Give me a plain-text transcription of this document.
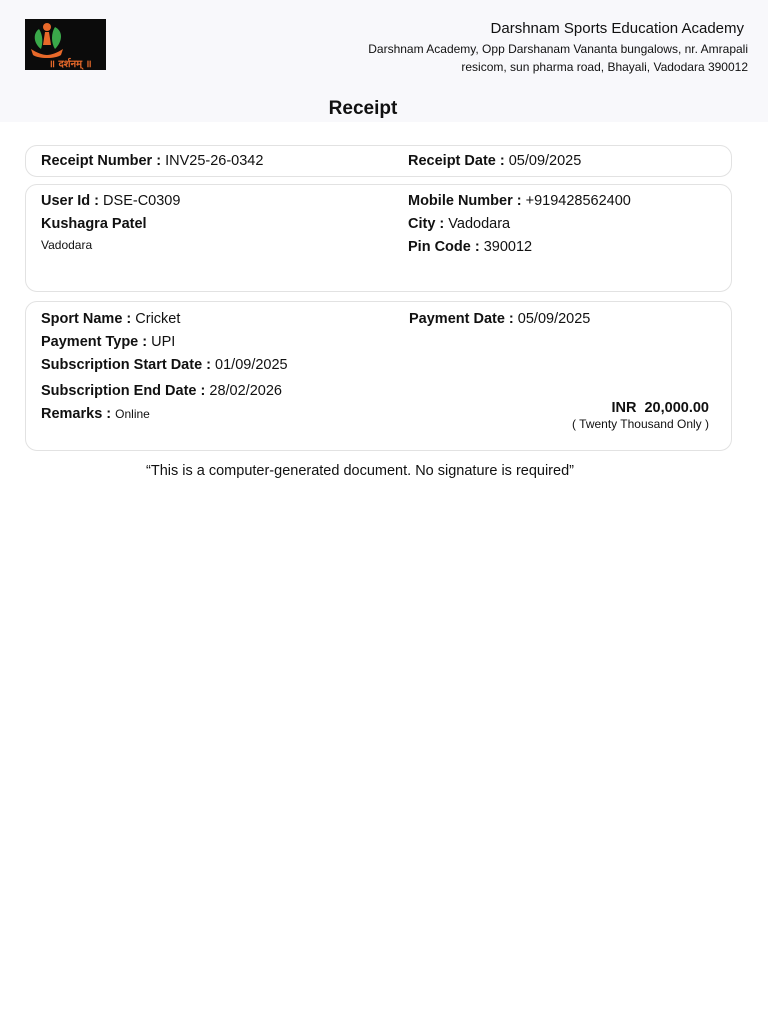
॥ दर्शनम् ॥
Darshnam Sports Education Academy
Darshnam Academy, Opp Darshanam Vananta bungalows, nr. Amrapali resicom, sun pharma road, Bhayali, Vadodara 390012
Receipt
Receipt Number : INV25-26-0342	Receipt Date : 05/09/2025
User Id : DSE-C0309
Kushagra Patel
Vadodara
Mobile Number : +919428562400
City : Vadodara
Pin Code : 390012
Sport Name : Cricket
Payment Type : UPI
Subscription Start Date : 01/09/2025
Subscription End Date : 28/02/2026
Remarks : Online
Payment Date : 05/09/2025
INR 20,000.00
( Twenty Thousand Only )
“This is a computer-generated document. No signature is required”
